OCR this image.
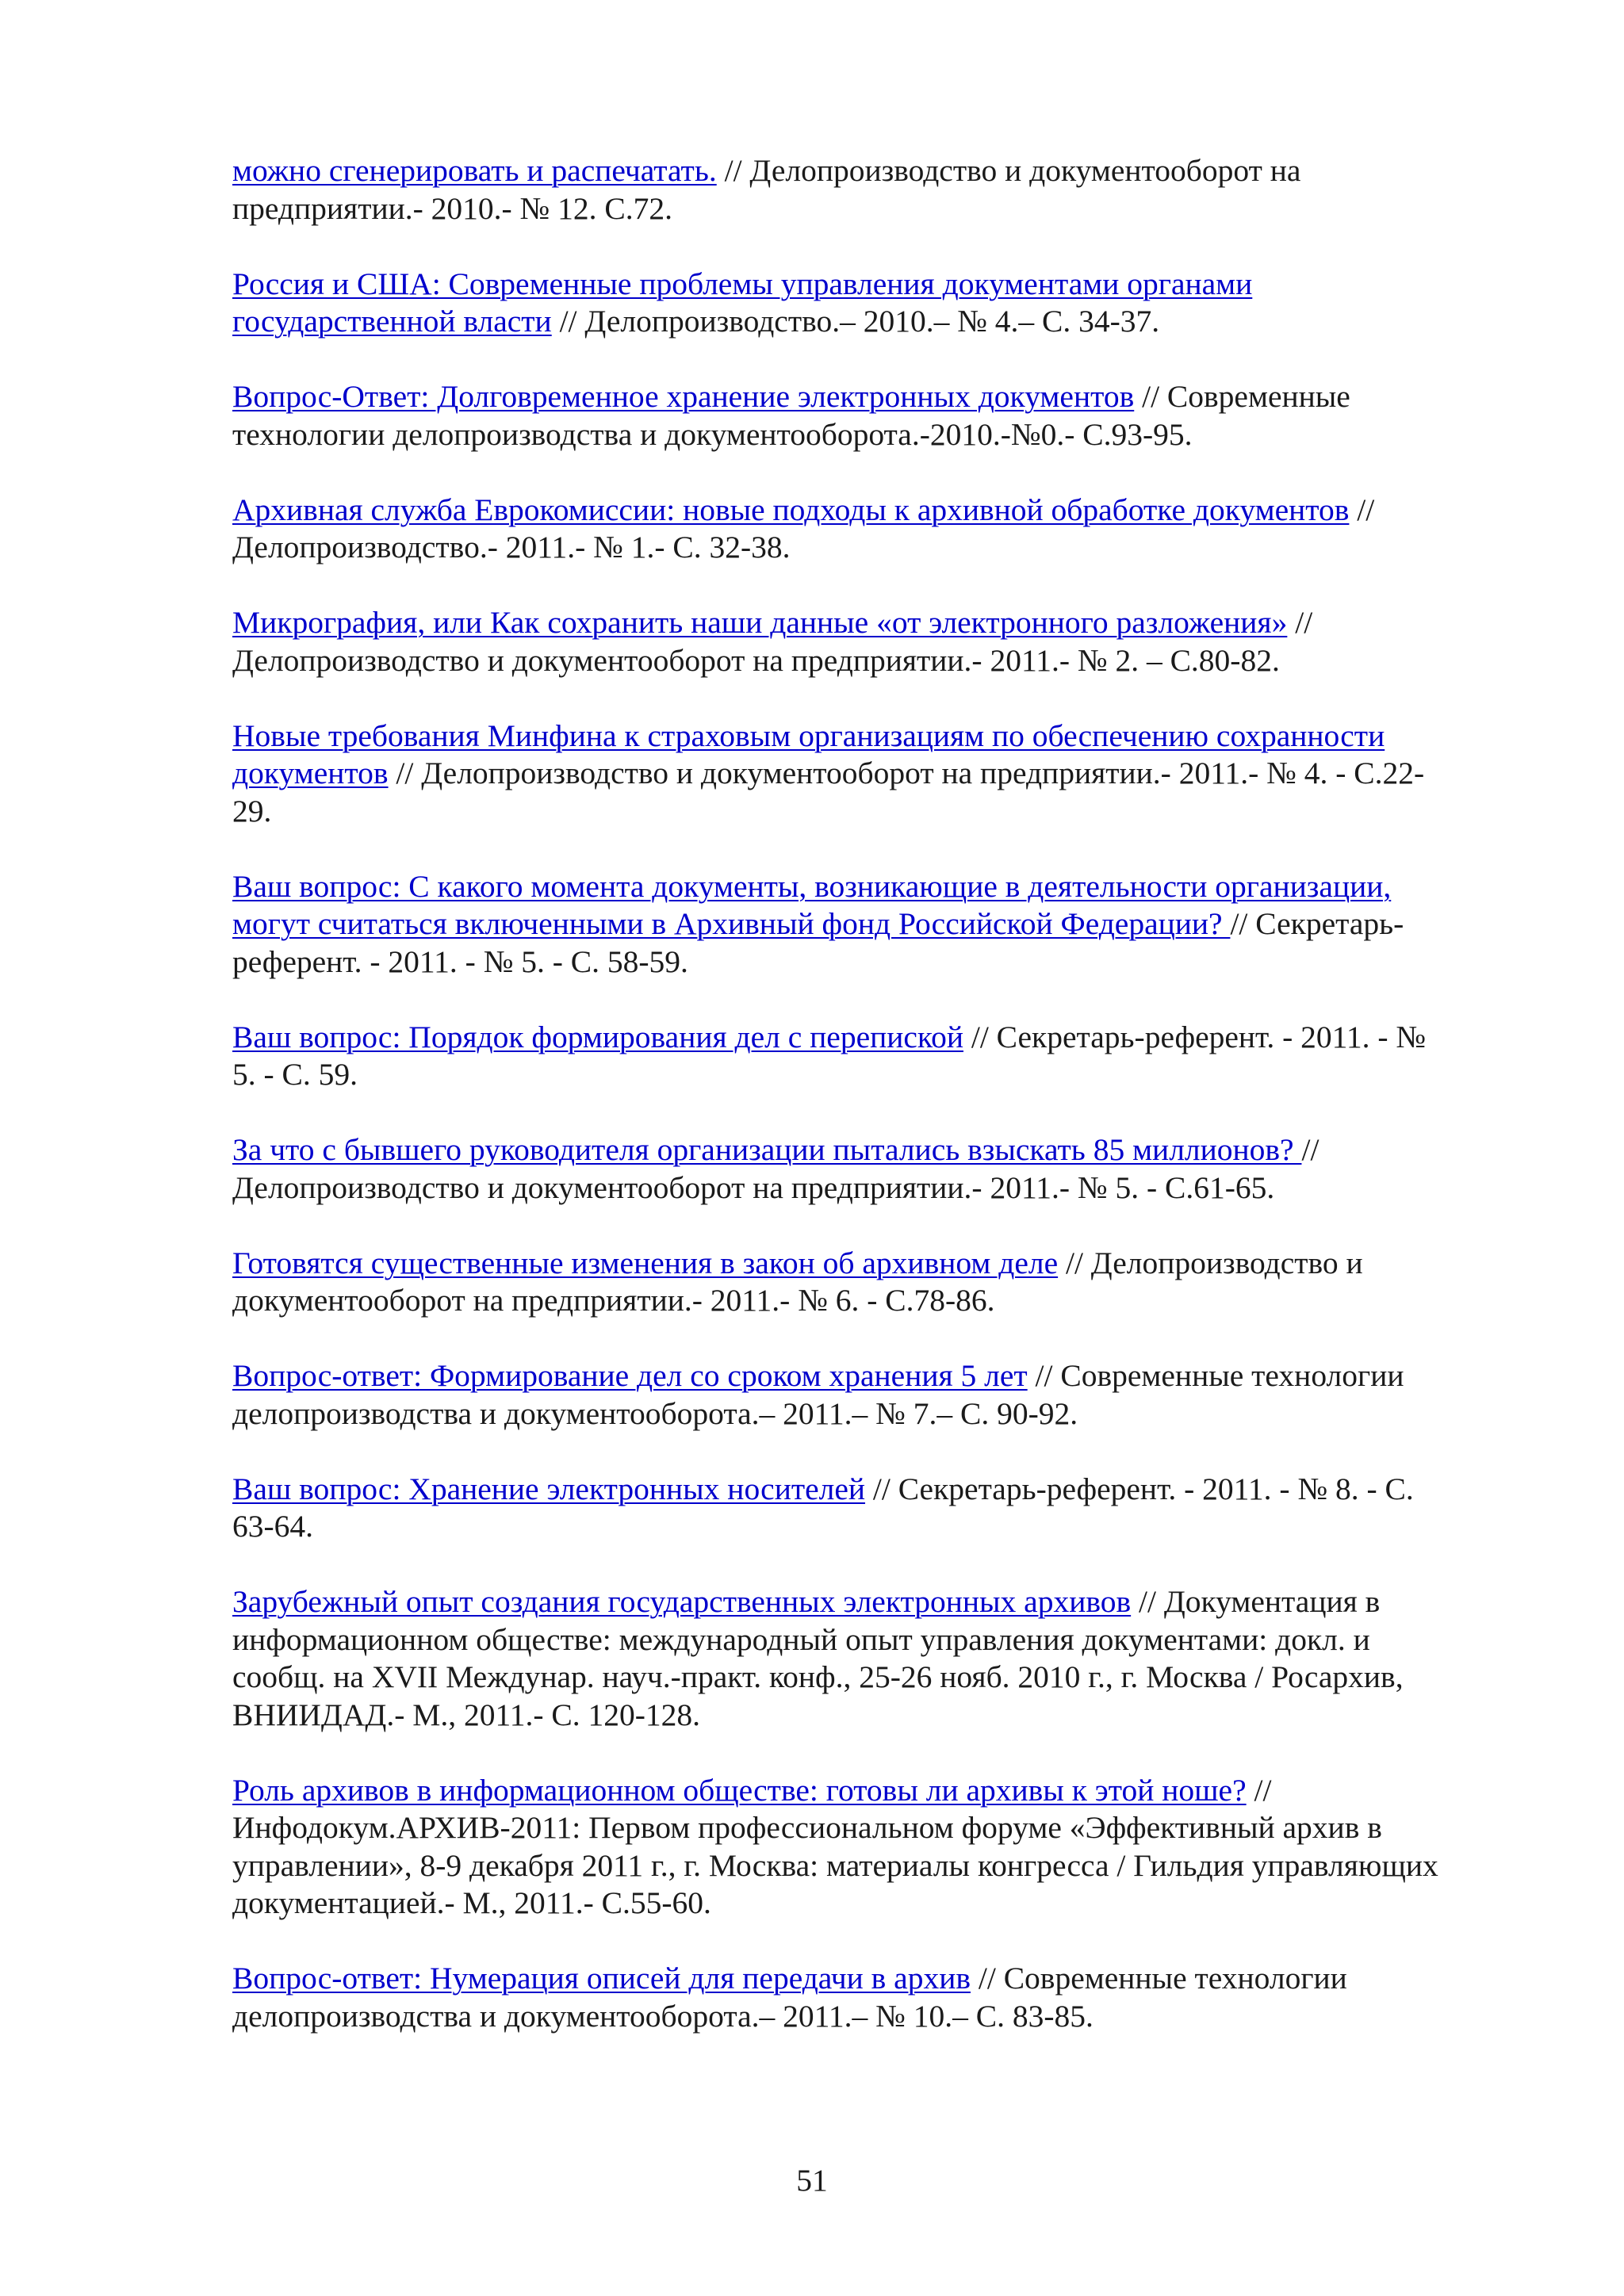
можно сгенерировать и распечатать. // Делопроизводство и документооборот на
предприятии.- 2010.- № 12. С.72.
Россия и США: Современные проблемы управления документами органами
государственной власти // Делопроизводство.– 2010.– № 4.– С. 34-37.
Вопрос-Ответ: Долговременное хранение электронных документов // Современные
технологии делопроизводства и документооборота.-2010.-№0.- С.93-95.
Архивная служба Еврокомиссии: новые подходы к архивной обработке документов //
Делопроизводство.- 2011.- № 1.- С. 32-38.
Микрография, или Как сохранить наши данные «от электронного разложения» //
Делопроизводство и документооборот на предприятии.- 2011.- № 2. – С.80-82.
Новые требования Минфина к страховым организациям по обеспечению сохранности
документов // Делопроизводство и документооборот на предприятии.- 2011.- № 4. - С.22-
29.
Ваш вопрос: С какого момента документы, возникающие в деятельности организации,
могут считаться включенными в Архивный фонд Российской Федерации? // Секретарь-
референт. - 2011. - № 5. - С. 58-59.
Ваш вопрос: Порядок формирования дел с перепиской // Секретарь-референт. - 2011. - №
5. - С. 59.
За что с бывшего руководителя организации пытались взыскать 85 миллионов? //
Делопроизводство и документооборот на предприятии.- 2011.- № 5. - С.61-65.
Готовятся существенные изменения в закон об архивном деле // Делопроизводство и
документооборот на предприятии.- 2011.- № 6. - С.78-86.
Вопрос-ответ: Формирование дел со сроком хранения 5 лет // Современные технологии
делопроизводства и документооборота.– 2011.– № 7.– С. 90-92.
Ваш вопрос: Хранение электронных носителей // Секретарь-референт. - 2011. - № 8. - С.
63-64.
Зарубежный опыт создания государственных электронных архивов // Документация в
информационном обществе: международный опыт управления документами: докл. и
сообщ. на XVII Междунар. науч.-практ. конф., 25-26 нояб. 2010 г., г. Москва / Росархив,
ВНИИДАД.- М., 2011.- С. 120-128.
Роль архивов в информационном обществе: готовы ли архивы к этой ноше? //
Инфодокум.АРХИВ-2011: Первом профессиональном форуме «Эффективный архив в
управлении», 8-9 декабря 2011 г., г. Москва: материалы конгресса / Гильдия управляющих
документацией.- М., 2011.- С.55-60.
Вопрос-ответ: Нумерация описей для передачи в архив // Современные технологии
делопроизводства и документооборота.– 2011.– № 10.– С. 83-85.
51
